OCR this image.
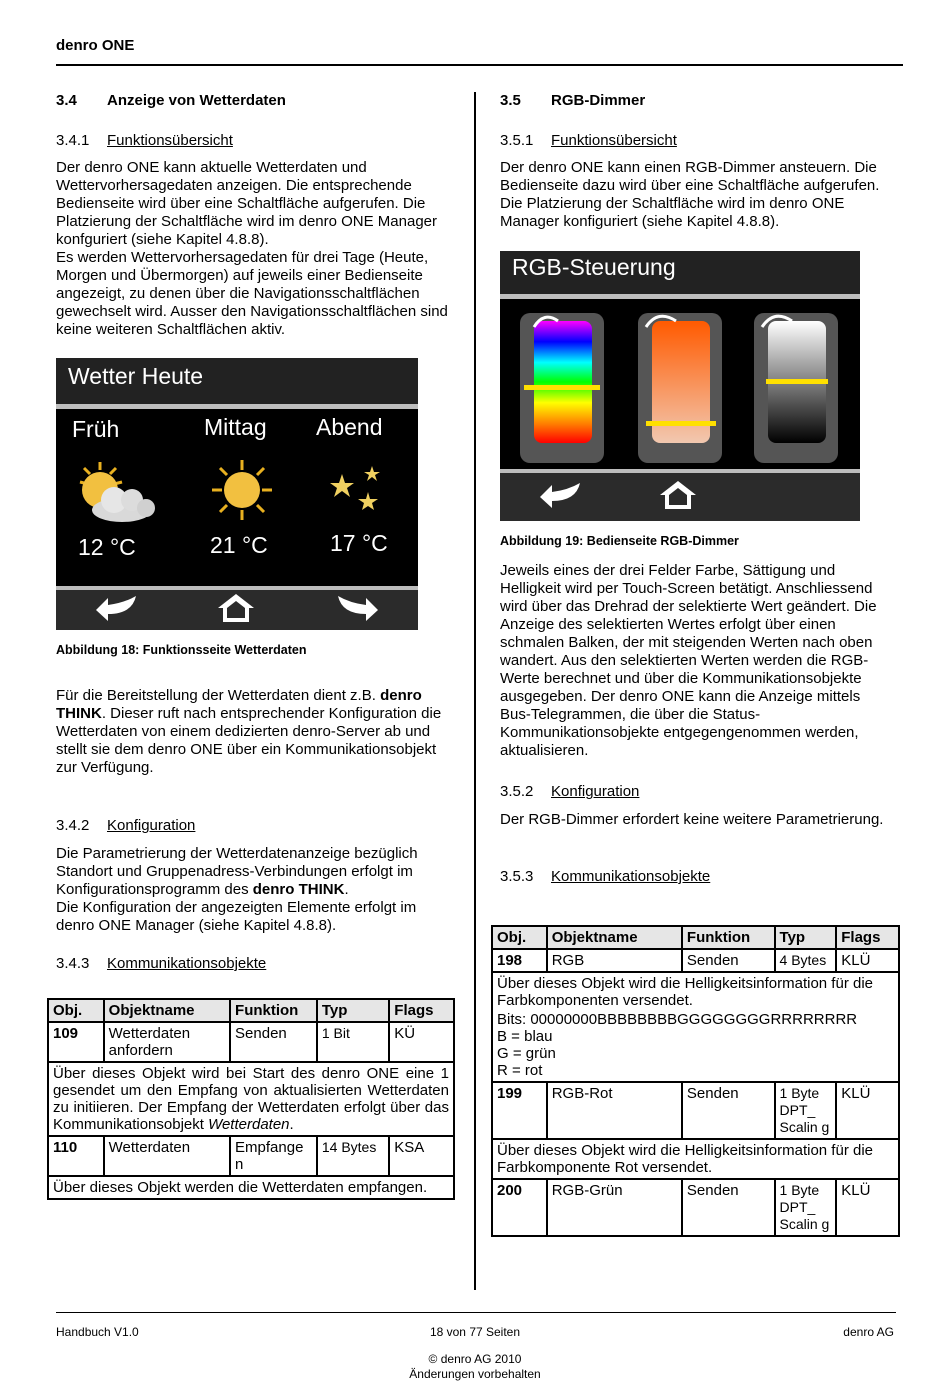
denro ONE
3.4 Anzeige von Wetterdaten
3.4.1 Funktionsübersicht

Der denro ONE kann aktuelle Wetterdaten und Wettervorhersagedaten anzeigen. Die entsprechende Bedienseite wird über eine Schaltfläche aufgerufen. Die Platzierung der Schaltfläche wird im denro ONE Manager konfguriert (siehe Kapitel 4.8.8).

Es werden Wettervorhersagedaten für drei Tage (Heute, Morgen und Übermorgen) auf jeweils einer Bedienseite angezeigt, zu denen über die Navigationsschaltflächen gewechselt wird. Ausser den Navigationsschaltflächen sind keine weiteren Schaltflächen aktiv.

Wetter Heute
Früh	Mittag Abend
12 °C	21 °C	17 °C
Abbildung 18: Funktionsseite Wetterdaten

Für die Bereitstellung der Wetterdaten dient z.B. denro THINK. Dieser ruft nach entsprechender Konfiguration die Wetterdaten von einem dedizierten denro-Server ab und stellt sie dem denro ONE über ein Kommunikationsobjekt zur Verfügung.

3.4.2 Konfiguration

Die Parametrierung der Wetterdatenanzeige bezüglich Standort und Gruppenadress-Verbindungen erfolgt im Konfigurationsprogramm des denro THINK.

Die Konfiguration der angezeigten Elemente erfolgt im denro ONE Manager (siehe Kapitel 4.8.8).

3.4.3 Kommunikationsobjekte
Obj.	Objektname	Funktion	Typ	Flags
109	Wetterdaten anfordern	Senden	1 Bit	KÜ
Über dieses Objekt wird bei Start des denro ONE eine 1 gesendet um den Empfang von aktualisierten Wetterdaten zu initiieren. Der Empfang der Wetterdaten erfolgt über das Kommunikationsobjekt Wetterdaten.				
110	Wetterdaten	Empfange n	14 Bytes	KSA
Über dieses Objekt werden die Wetterdaten empfangen.				
3.5 RGB-Dimmer
3.5.1 Funktionsübersicht

Der denro ONE kann einen RGB-Dimmer ansteuern. Die Bedienseite dazu wird über eine Schaltfläche aufgerufen. Die Platzierung der Schaltfläche wird im denro ONE Manager konfiguriert (siehe Kapitel 4.8.8).

RGB-Steuerung
Abbildung 19: Bedienseite RGB-Dimmer

Jeweils eines der drei Felder Farbe, Sättigung und Helligkeit wird per Touch-Screen betätigt. Anschliessend wird über das Drehrad der selektierte Wert geändert. Die Anzeige des selektierten Wertes erfolgt über einen schmalen Balken, der mit steigenden Werten nach oben wandert. Aus den selektierten Werten werden die RGB-Werte berechnet und über die Kommunikationsobjekte ausgegeben. Der denro ONE kann die Anzeige mittels Bus-Telegrammen, die über die Status-Kommunikationsobjekte entgegengenommen werden, aktualisieren.

3.5.2 Konfiguration

Der RGB-Dimmer erfordert keine weitere Parametrierung.

3.5.3 Kommunikationsobjekte
Obj.	Objektname	Funktion	Typ	Flags
198	RGB	Senden	4 Bytes	KLÜ

Über dieses Objekt wird die Helligkeitsinformation für die Farbkomponenten versendet.
Bits: 00000000BBBBBBBBGGGGGGGGRRRRRRRR
B = blau
G = grün
R = rot				

199	RGB-Rot	Senden	1 Byte DPT_ Scalin g	KLÜ
Über dieses Objekt wird die Helligkeitsinformation für die Farbkomponente Rot versendet.				
200	RGB-Grün	Senden	1 Byte DPT_ Scalin g	KLÜ
18 von 77 Seiten
Handbuch V1.0	denro AG
© denro AG 2010
Änderungen vorbehalten
